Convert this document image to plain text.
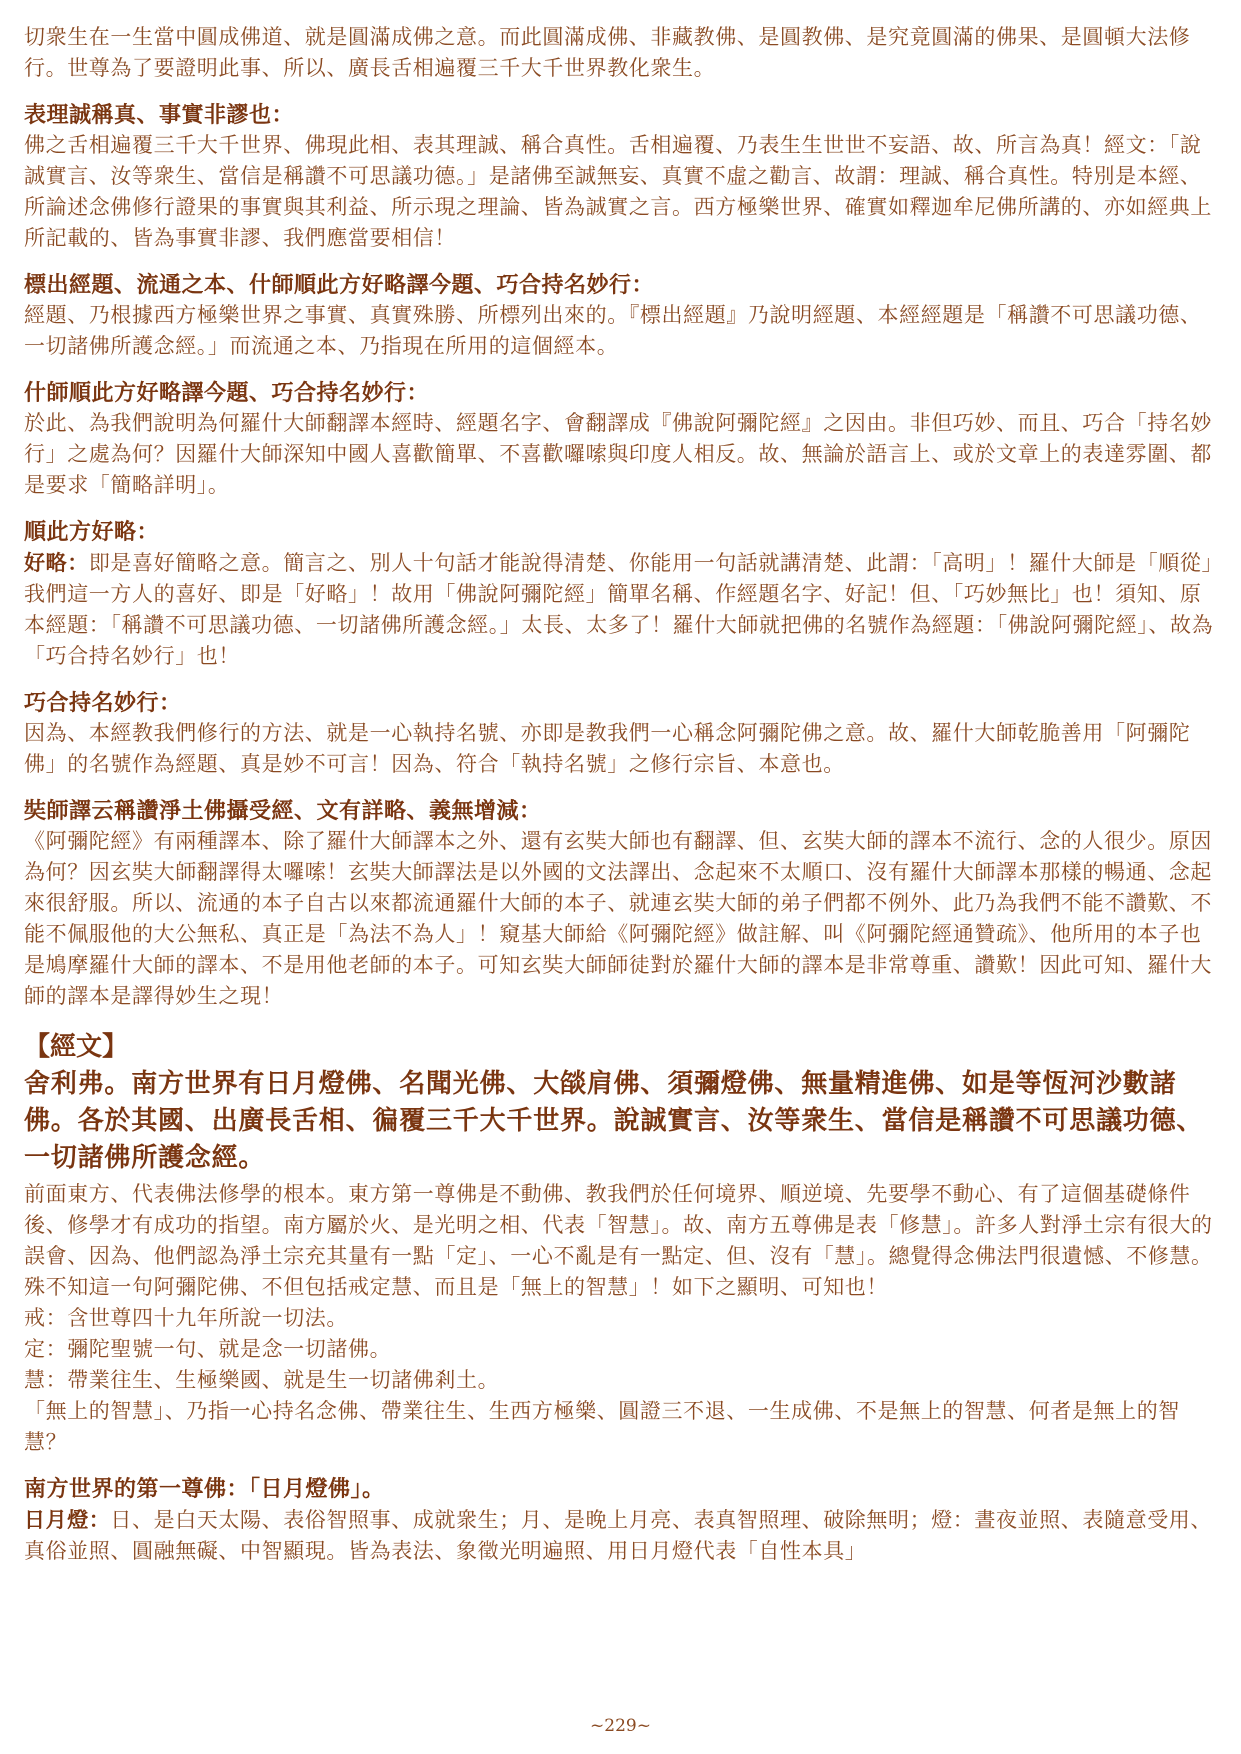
切衆生在一生當中圓成佛道、就是圓滿成佛之意。而此圓滿成佛、非藏教佛、是圓教佛、是究竟圓滿的佛果、是圓頓大法修行。世尊為了要證明此事、所以、廣長舌相遍覆三千大千世界教化衆生。

表理誠稱真、事實非謬也：

佛之舌相遍覆三千大千世界、佛現此相、表其理誠、稱合真性。舌相遍覆、乃表生生世世不妄語、故、所言為真！經文：「說誠實言、汝等衆生、當信是稱讚不可思議功德。」是諸佛至誠無妄、真實不虛之勸言、故謂：理誠、稱合真性。特別是本經、所論述念佛修行證果的事實與其利益、所示現之理論、皆為誠實之言。西方極樂世界、確實如釋迦牟尼佛所講的、亦如經典上所記載的、皆為事實非謬、我們應當要相信！

標出經題、流通之本、什師順此方好略譯今題、巧合持名妙行：

經題、乃根據西方極樂世界之事實、真實殊勝、所標列出來的。『標出經題』乃說明經題、本經經題是「稱讚不可思議功德、一切諸佛所護念經。」而流通之本、乃指現在所用的這個經本。

什師順此方好略譯今題、巧合持名妙行：

於此、為我們說明為何羅什大師翻譯本經時、經題名字、會翻譯成『佛說阿彌陀經』之因由。非但巧妙、而且、巧合「持名妙行」之處為何？因羅什大師深知中國人喜歡簡單、不喜歡囉嗦與印度人相反。故、無論於語言上、或於文章上的表達雰圍、都是要求「簡略詳明」。

順此方好略：

好略：即是喜好簡略之意。簡言之、別人十句話才能說得清楚、你能用一句話就講清楚、此謂：「高明」！羅什大師是「順從」我們這一方人的喜好、即是「好略」！故用「佛說阿彌陀經」簡單名稱、作經題名字、好記！但、「巧妙無比」也！須知、原本經題：「稱讚不可思議功德、一切諸佛所護念經。」太長、太多了！羅什大師就把佛的名號作為經題：「佛說阿彌陀經」、故為「巧合持名妙行」也！

巧合持名妙行：

因為、本經教我們修行的方法、就是一心執持名號、亦即是教我們一心稱念阿彌陀佛之意。故、羅什大師乾脆善用「阿彌陀佛」的名號作為經題、真是妙不可言！因為、符合「執持名號」之修行宗旨、本意也。

奘師譯云稱讚淨土佛攝受經、文有詳略、義無增減：

《阿彌陀經》有兩種譯本、除了羅什大師譯本之外、還有玄奘大師也有翻譯、但、玄奘大師的譯本不流行、念的人很少。原因為何？因玄奘大師翻譯得太囉嗦！玄奘大師譯法是以外國的文法譯出、念起來不太順口、沒有羅什大師譯本那樣的暢通、念起來很舒服。所以、流通的本子自古以來都流通羅什大師的本子、就連玄奘大師的弟子們都不例外、此乃為我們不能不讚歎、不能不佩服他的大公無私、真正是「為法不為人」！窺基大師給《阿彌陀經》做註解、叫《阿彌陀經通贊疏》、他所用的本子也是鳩摩羅什大師的譯本、不是用他老師的本子。可知玄奘大師師徒對於羅什大師的譯本是非常尊重、讚歎！因此可知、羅什大師的譯本是譯得妙生之現！

【經文】

舍利弗。南方世界有日月燈佛、名聞光佛、大燄肩佛、須彌燈佛、無量精進佛、如是等恆河沙數諸佛。各於其國、出廣長舌相、徧覆三千大千世界。說誠實言、汝等衆生、當信是稱讚不可思議功德、一切諸佛所護念經。

前面東方、代表佛法修學的根本。東方第一尊佛是不動佛、教我們於任何境界、順逆境、先要學不動心、有了這個基礎條件後、修學才有成功的指望。南方屬於火、是光明之相、代表「智慧」。故、南方五尊佛是表「修慧」。許多人對淨土宗有很大的誤會、因為、他們認為淨土宗充其量有一點「定」、一心不亂是有一點定、但、沒有「慧」。總覺得念佛法門很遺憾、不修慧。殊不知這一句阿彌陀佛、不但包括戒定慧、而且是「無上的智慧」！如下之顯明、可知也！

戒：含世尊四十九年所說一切法。

定：彌陀聖號一句、就是念一切諸佛。

慧：帶業往生、生極樂國、就是生一切諸佛剎土。

「無上的智慧」、乃指一心持名念佛、帶業往生、生西方極樂、圓證三不退、一生成佛、不是無上的智慧、何者是無上的智慧？

南方世界的第一尊佛：「日月燈佛」。

日月燈：日、是白天太陽、表俗智照事、成就衆生；月、是晚上月亮、表真智照理、破除無明；燈：晝夜並照、表隨意受用、真俗並照、圓融無礙、中智顯現。皆為表法、象徵光明遍照、用日月燈代表「自性本具」

~229~
